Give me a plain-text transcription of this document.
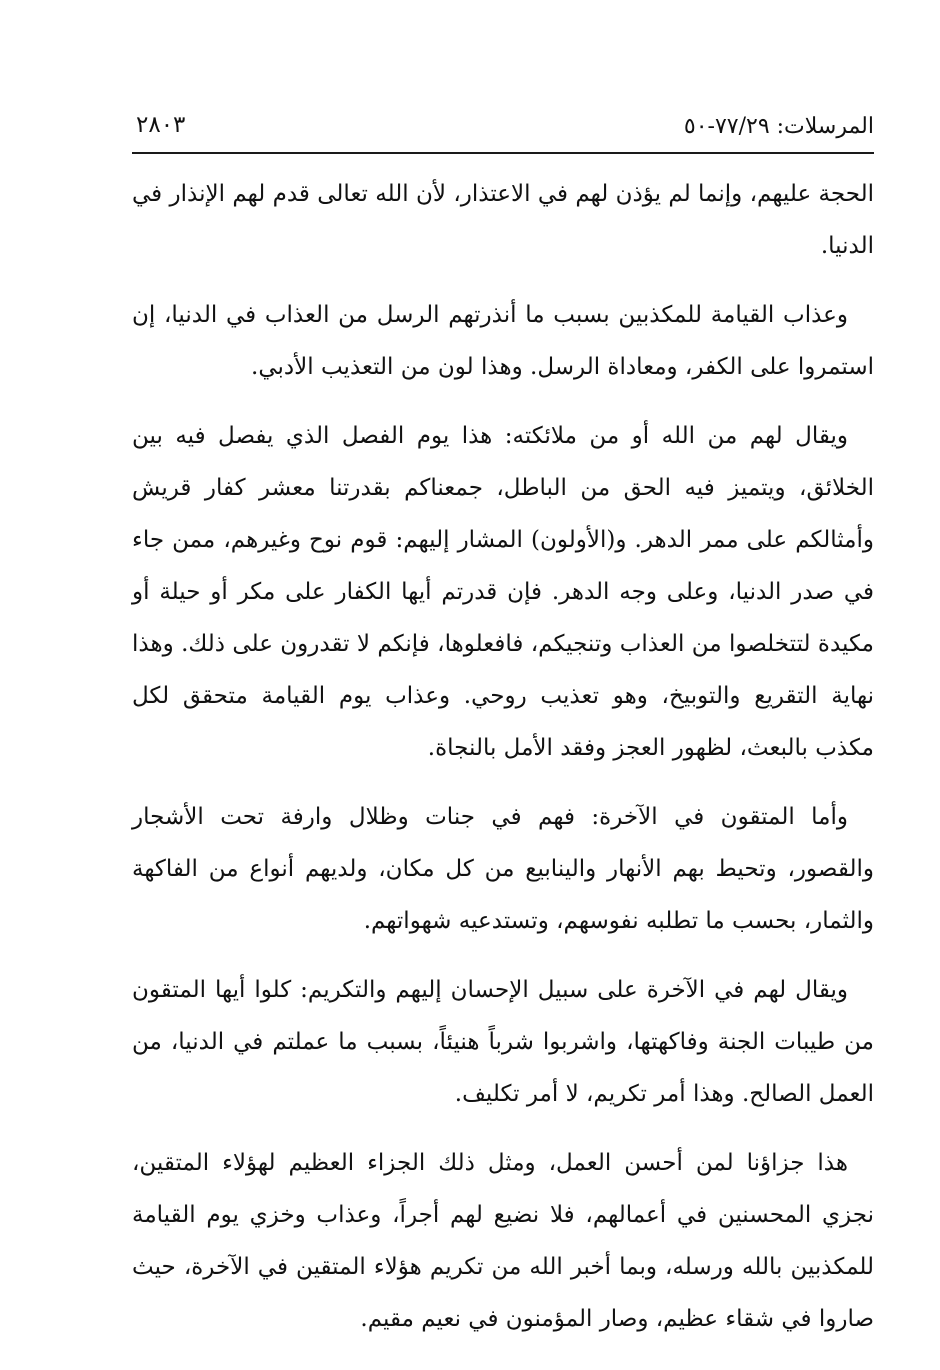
المرسلات: ٧٧/٢٩-٥٠
٢٨٠٣

الحجة عليهم، وإنما لم يؤذن لهم في الاعتذار، لأن الله تعالى قدم لهم الإنذار في الدنيا.

وعذاب القيامة للمكذبين بسبب ما أنذرتهم الرسل من العذاب في الدنيا، إن استمروا على الكفر، ومعاداة الرسل. وهذا لون من التعذيب الأدبي.

ويقال لهم من الله أو من ملائكته: هذا يوم الفصل الذي يفصل فيه بين الخلائق، ويتميز فيه الحق من الباطل، جمعناكم بقدرتنا معشر كفار قريش وأمثالكم على ممر الدهر. و(الأولون) المشار إليهم: قوم نوح وغيرهم، ممن جاء في صدر الدنيا، وعلى وجه الدهر. فإن قدرتم أيها الكفار على مكر أو حيلة أو مكيدة لتتخلصوا من العذاب وتنجيكم، فافعلوها، فإنكم لا تقدرون على ذلك. وهذا نهاية التقريع والتوبيخ، وهو تعذيب روحي. وعذاب يوم القيامة متحقق لكل مكذب بالبعث، لظهور العجز وفقد الأمل بالنجاة.

وأما المتقون في الآخرة: فهم في جنات وظلال وارفة تحت الأشجار والقصور، وتحيط بهم الأنهار والينابيع من كل مكان، ولديهم أنواع من الفاكهة والثمار، بحسب ما تطلبه نفوسهم، وتستدعيه شهواتهم.

ويقال لهم في الآخرة على سبيل الإحسان إليهم والتكريم: كلوا أيها المتقون من طيبات الجنة وفاكهتها، واشربوا شرباً هنيئاً، بسبب ما عملتم في الدنيا، من العمل الصالح. وهذا أمر تكريم، لا أمر تكليف.

هذا جزاؤنا لمن أحسن العمل، ومثل ذلك الجزاء العظيم لهؤلاء المتقين، نجزي المحسنين في أعمالهم، فلا نضيع لهم أجراً، وعذاب وخزي يوم القيامة للمكذبين بالله ورسله، وبما أخبر الله من تكريم هؤلاء المتقين في الآخرة، حيث صاروا في شقاء عظيم، وصار المؤمنون في نعيم مقيم.
